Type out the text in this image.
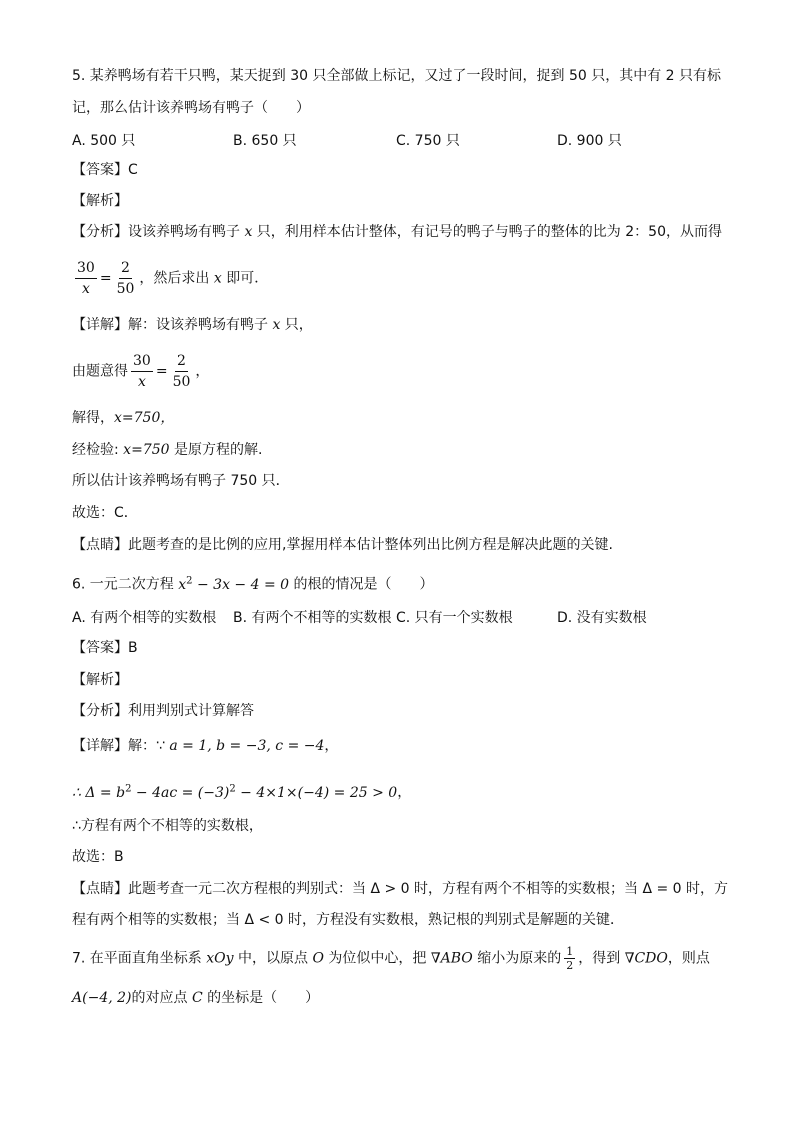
5. 某养鸭场有若干只鸭，某天捉到 30 只全部做上标记，又过了一段时间，捉到 50 只，其中有 2 只有标
记，那么估计该养鸭场有鸭子（　　）
A. 500 只	B. 650 只	C. 750 只	D. 900 只
【答案】C
【解析】
【分析】设该养鸭场有鸭子 x 只，利用样本估计整体，有记号的鸭子与鸭子的整体的比为 2：50，从而得
$\frac{30}{x} = \frac{2}{50}$ ，然后求出 x 即可．
【详解】解：设该养鸭场有鸭子 x 只，
由题意得 $\frac{30}{x} = \frac{2}{50}$ ，
解得，x=750，
经检验: x=750 是原方程的解.
所以估计该养鸭场有鸭子 750 只．
故选：C．
【点睛】此题考查的是比例的应用,掌握用样本估计整体列出比例方程是解决此题的关键.
6. 一元二次方程 $x^2 - 3x - 4 = 0$ 的根的情况是（　　）
A. 有两个相等的实数根 B. 有两个不相等的实数根 C. 只有一个实数根	D. 没有实数根
【答案】B
【解析】
【分析】利用判别式计算解答
【详解】解：∵ a = 1, b = −3, c = −4，
∴ $\Delta = b^2 - 4ac = (-3)^2 - 4\times 1\times(-4) = 25 > 0$，
∴方程有两个不相等的实数根，
故选：B
【点睛】此题考查一元二次方程根的判别式：当 Δ > 0 时，方程有两个不相等的实数根；当 Δ = 0 时，方
程有两个相等的实数根；当 Δ < 0 时，方程没有实数根，熟记根的判别式是解题的关键．
7. 在平面直角坐标系 xOy 中，以原点 O 为位似中心，把 ∇ABO 缩小为原来的 $\frac{1}{2}$ ，得到 ∇CDO，则点
A(−4, 2)的对应点 C 的坐标是（　　）
